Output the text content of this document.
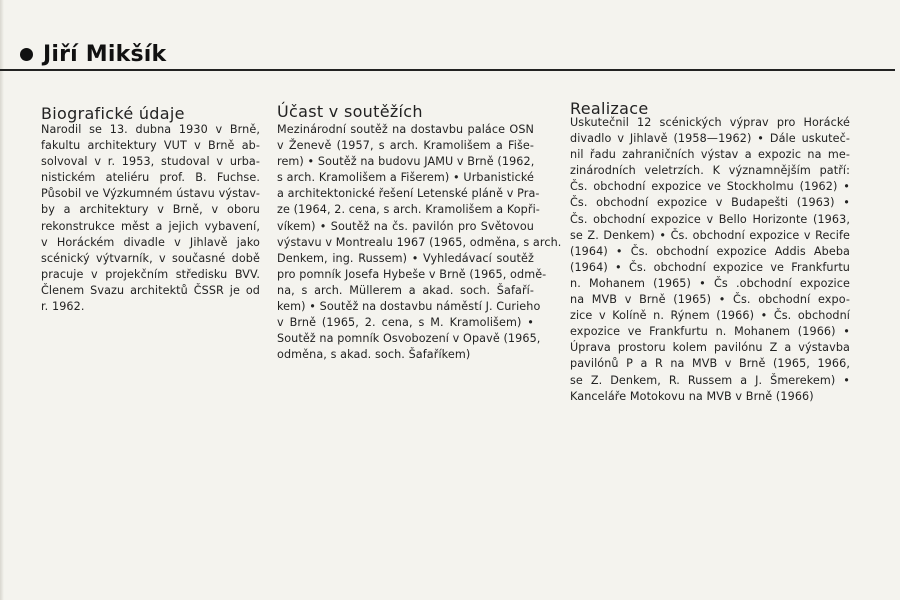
Jiří Mikšík
Biografické údaje
Narodil se 13. dubna 1930 v Brně,
fakultu architektury VUT v Brně ab-
solvoval v r. 1953, studoval v urba-
nistickém ateliéru prof. B. Fuchse.
Působil ve Výzkumném ústavu výstav-
by a architektury v Brně, v oboru
rekonstrukce měst a jejich vybavení,
v Horáckém divadle v Jihlavě jako
scénický výtvarník, v současné době
pracuje v projekčním středisku BVV.
Členem Svazu architektů ČSSR je od
r. 1962.
Účast v soutěžích
Mezinárodní soutěž na dostavbu paláce OSN
v Ženevě (1957, s arch. Kramolišem a Fiše-
rem) • Soutěž na budovu JAMU v Brně (1962,
s arch. Kramolišem a Fišerem) • Urbanistické
a architektonické řešení Letenské pláně v Pra-
ze (1964, 2. cena, s arch. Kramolišem a Kopři-
víkem) • Soutěž na čs. pavilón pro Světovou
výstavu v Montrealu 1967 (1965, odměna, s arch.
Denkem, ing. Russem) • Vyhledávací soutěž
pro pomník Josefa Hybeše v Brně (1965, odmě-
na, s arch. Müllerem a akad. soch. Šafaří-
kem) • Soutěž na dostavbu náměstí J. Curieho
v Brně (1965, 2. cena, s M. Kramolišem) •
Soutěž na pomník Osvobození v Opavě (1965,
odměna, s akad. soch. Šafaříkem)
Realizace
Uskutečnil 12 scénických výprav pro Horácké
divadlo v Jihlavě (1958—1962) • Dále uskuteč-
nil řadu zahraničních výstav a expozic na me-
zinárodních veletrzích. K významnějším patří:
Čs. obchodní expozice ve Stockholmu (1962) •
Čs. obchodní expozice v Budapešti (1963) •
Čs. obchodní expozice v Bello Horizonte (1963,
se Z. Denkem) • Čs. obchodní expozice v Recife
(1964) • Čs. obchodní expozice Addis Abeba
(1964) • Čs. obchodní expozice ve Frankfurtu
n. Mohanem (1965) • Čs .obchodní expozice
na MVB v Brně (1965) • Čs. obchodní expo-
zice v Kolíně n. Rýnem (1966) • Čs. obchodní
expozice ve Frankfurtu n. Mohanem (1966) •
Úprava prostoru kolem pavilónu Z a výstavba
pavilónů P a R na MVB v Brně (1965, 1966,
se Z. Denkem, R. Russem a J. Šmerekem) •
Kanceláře Motokovu na MVB v Brně (1966)
